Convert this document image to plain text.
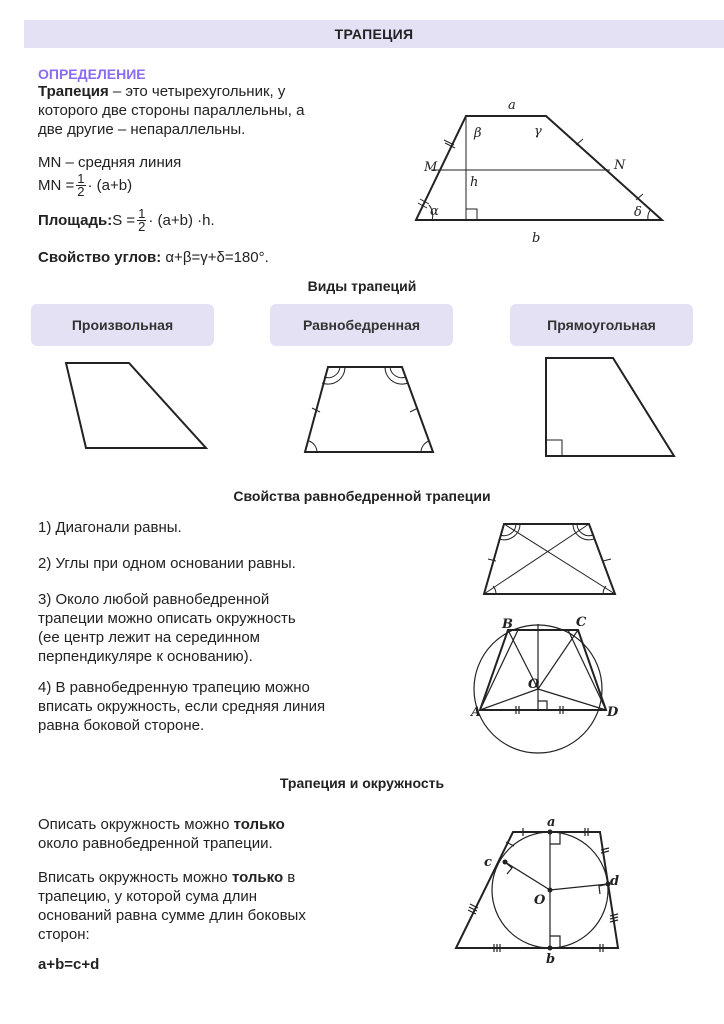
ТРАПЕЦИЯ
ОПРЕДЕЛЕНИЕ
Трапеция – это четырехугольник, у
которого две стороны параллельны, а
две другие – непараллельны.
MN – средняя линия
MN = $\frac{1}{2} \cdot (a+b)$
Площадь: $S = \frac{1}{2} \cdot (a+b) \cdot h$.
Свойство углов: α+β=γ+δ=180°.
a
b
β	γ
M	N
h
α	δ
Виды трапеций
Произвольная	Равнобедренная	Прямоугольная
Свойства равнобедренной трапеции
1) Диагонали равны.
2) Углы при одном основании равны.
3) Около любой равнобедренной
трапеции можно описать окружность
(ее центр лежит на серединном
перпендикуляре к основанию).
4) В равнобедренную трапецию можно
вписать окружность, если средняя линия
равна боковой стороне.
B	C
O
A	D
Трапеция и окружность
Описать окружность можно только
около равнобедренной трапеции.
Вписать окружность можно только в
трапецию, у которой сума длин
оснований равна сумме длин боковых
сторон:
a+b=c+d
a
b
c
d
O
